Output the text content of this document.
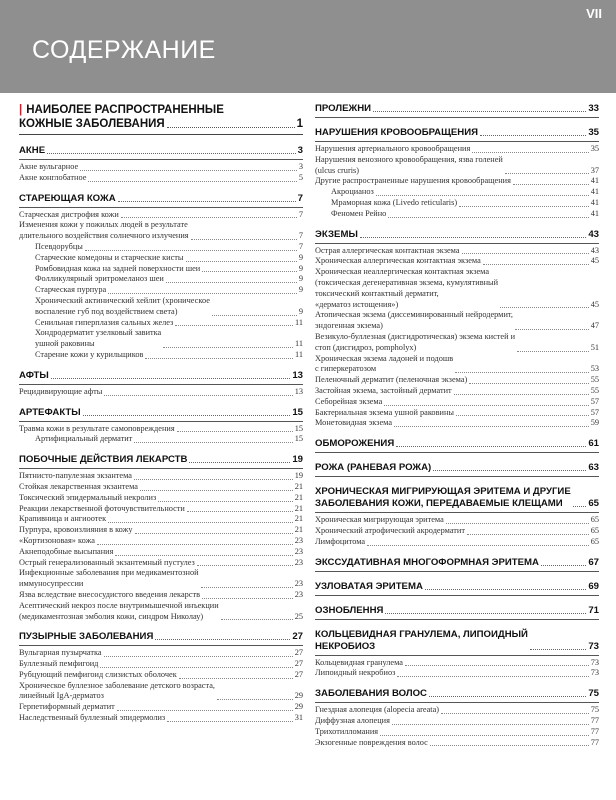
VII
СОДЕРЖАНИЕ
| НАИБОЛЕЕ РАСПРОСТРАНЕННЫЕ
КОЖНЫЕ ЗАБОЛЕВАНИЯ	1
АКНЕ	3
Акне вульгарное	3
Акне конглобатное	5
СТАРЕЮЩАЯ КОЖА	7
Старческая дистрофия кожи	7
Изменения кожи у пожилых людей в результате
длительного воздействия солнечного излучения	7
Псевдорубцы	7
Старческие комедоны и старческие кисты	9
Ромбовидная кожа на задней поверхности шеи	9
Фолликулярный эритромеланоз шеи	9
Старческая пурпура	9
Хронический актинический хейлит (хроническое
воспаление губ под воздействием света)	9
Сенильная гиперплазия сальных желез	11
Хондродерматит узелковый завитка
ушной раковины	11
Старение кожи у курильщиков	11
АФТЫ	13
Рецидивирующие афты	13
АРТЕФАКТЫ	15
Травма кожи в результате самоповреждения	15
Артифициальный дерматит	15
ПОБОЧНЫЕ ДЕЙСТВИЯ ЛЕКАРСТВ	19
Пятнисто-папулезная экзантема	19
Стойкая лекарственная экзантема	21
Токсический эпидермальный некролиз	21
Реакции лекарственной фоточувствительности	21
Крапивница и ангиоотек	21
Пурпура, кровоизлияния в кожу	21
«Кортизоновая» кожа	23
Акнеподобные высыпания	23
Острый генерализованный экзантемный пустулез	23
Инфекционные заболевания при медикаментозной
иммуносупрессии	23
Язва вследствие внесосудистого введения лекарств	23
Асептический некроз после внутримышечной инъекции
(медикаментозная эмболия кожи, синдром Николау)	25
ПУЗЫРНЫЕ ЗАБОЛЕВАНИЯ	27
Вульгарная пузырчатка	27
Буллезный пемфигоид	27
Рубцующий пемфигоид слизистых оболочек	27
Хроническое буллезное заболевание детского возраста,
линейный IgA-дерматоз	29
Герпетиформный дерматит	29
Наследственный буллезный эпидермолиз	31
ПРОЛЕЖНИ	33
НАРУШЕНИЯ КРОВООБРАЩЕНИЯ	35
Нарушения артериального кровообращения	35
Нарушения венозного кровообращения, язва голеней
(ulcus cruris)	37
Другие распространенные нарушения кровообращения	41
Акроцианоз	41
Мраморная кожа (Livedo reticularis)	41
Феномен Рейно	41
ЭКЗЕМЫ	43
Острая аллергическая контактная экзема	43
Хроническая аллергическая контактная экзема	45
Хроническая неаллергическая контактная экзема
(токсическая дегенеративная экзема, кумулятивный
токсический контактный дерматит,
«дерматоз истощения»)	45
Атопическая экзема (диссеминированный нейродермит,
эндогенная экзема)	47
Везикуло-буллезная (дисгидротическая) экзема кистей и
стоп (дисгидроз, pompholyx)	51
Хроническая экзема ладоней и подошв
с гиперкератозом	53
Пеленочный дерматит (пеленочная экзема)	55
Застойная экзема, застойный дерматит	55
Себорейная экзема	57
Бактериальная экзема ушной раковины	57
Монетовидная экзема	59
ОБМОРОЖЕНИЯ	61
РОЖА (РАНЕВАЯ РОЖА)	63
ХРОНИЧЕСКАЯ МИГРИРУЮЩАЯ ЭРИТЕМА И ДРУГИЕ
ЗАБОЛЕВАНИЯ КОЖИ, ПЕРЕДАВАЕМЫЕ КЛЕЩАМИ	65
Хроническая мигрирующая эритема	65
Хронический атрофический акродерматит	65
Лимфоцитома	65
ЭКССУДАТИВНАЯ МНОГОФОРМНАЯ ЭРИТЕМА	67
УЗЛОВАТАЯ ЭРИТЕМА	69
ОЗНОБЛЕННЯ	71
КОЛЬЦЕВИДНАЯ ГРАНУЛЕМА, ЛИПОИДНЫЙ
НЕКРОБИОЗ	73
Кольцевидная гранулема	73
Липоидный некробиоз	73
ЗАБОЛЕВАНИЯ ВОЛОС	75
Гнездная алопеция (alopecia areata)	75
Диффузная алопеция	77
Трихотилломания	77
Экзогенные повреждения волос	77
